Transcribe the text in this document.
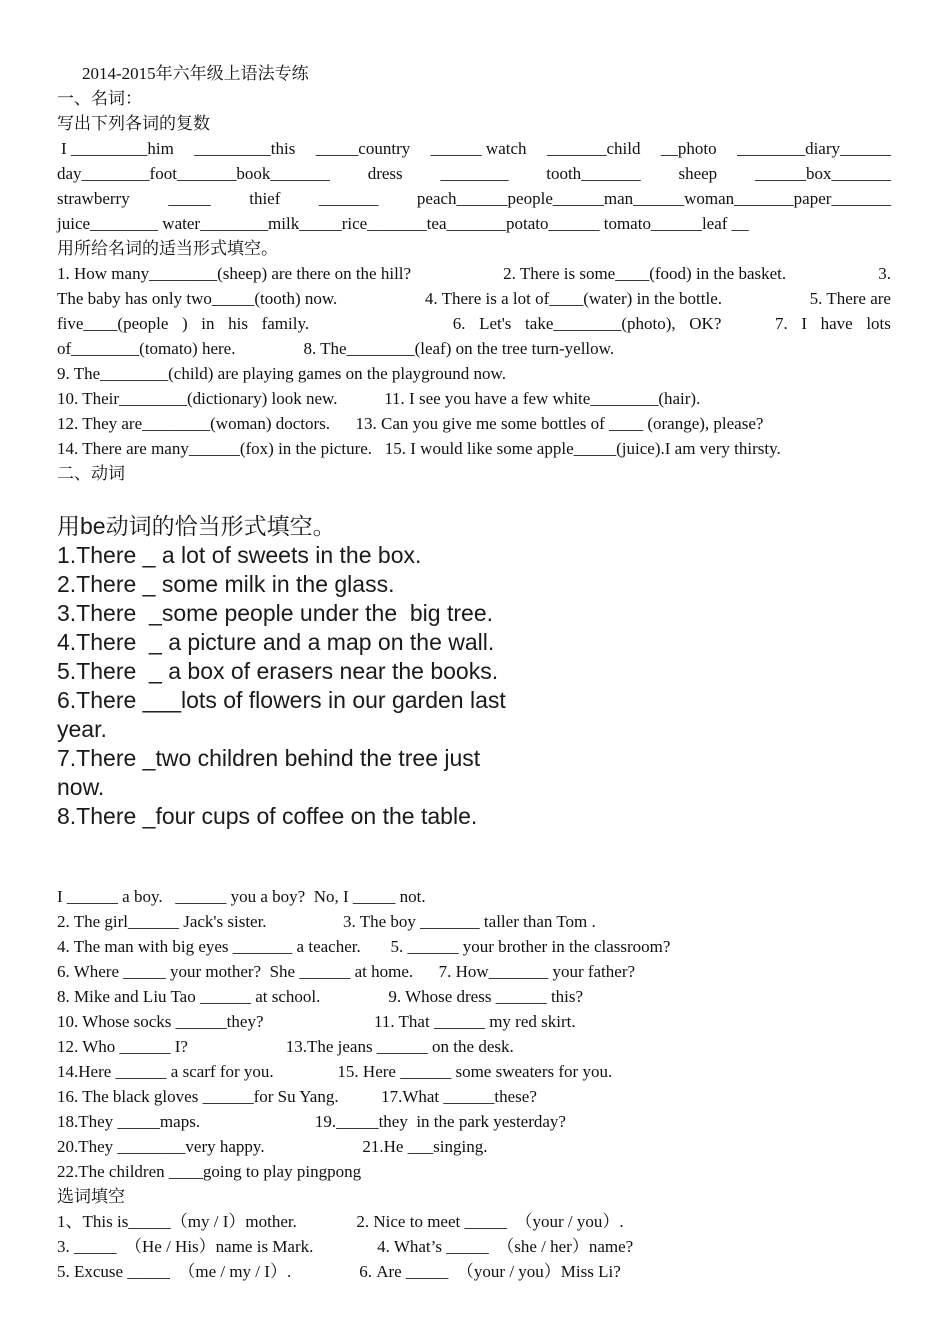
2014-2015年六年级上语法专练
一、名词：
写出下列各词的复数
I _________him _________this _____country ______ watch _______child __photo ________diary______
day________foot_______book_______ dress ________ tooth_______ sheep ______box_______
strawberry _____ thief _______ peach______people______man______woman_______paper_______
juice________ water________milk_____rice_______tea_______potato______ tomato______leaf __
用所给名词的适当形式填空。
1. How many________(sheep) are there on the hill?	2. There is some____(food) in the basket.	3.
The baby has only two_____(tooth) now.	4. There is a lot of____(water) in the bottle.	5. There are
five____(people ) in his family.	6. Let's take________(photo), OK?	7. I have lots
of________(tomato) here.	8. The________(leaf) on the tree turn-yellow.
9. The________(child) are playing games on the playground now.
10. Their________(dictionary) look new.           11. I see you have a few white________(hair).
12. They are________(woman) doctors.      13. Can you give me some bottles of ____ (orange), please?
14. There are many______(fox) in the picture.   15. I would like some apple_____(juice).I am very thirsty.
二、动词
用be动词的恰当形式填空。
1.There _ a lot of sweets in the box.
2.There _ some milk in the glass.
3.There  _some people under the  big tree.
4.There  _ a picture and a map on the wall.
5.There  _ a box of erasers near the books.
6.There ___lots of flowers in our garden last
year.
7.There _two children behind the tree just
now.
8.There _four cups of coffee on the table.
I ______ a boy.   ______ you a boy?  No, I _____ not.
2. The girl______ Jack's sister.                  3. The boy _______ taller than Tom .
4. The man with big eyes _______ a teacher.       5. ______ your brother in the classroom?
6. Where _____ your mother?  She ______ at home.      7. How_______ your father?
8. Mike and Liu Tao ______ at school.                9. Whose dress ______ this?
10. Whose socks ______they?                          11. That ______ my red skirt.
12. Who ______ I?                       13.The jeans ______ on the desk.
14.Here ______ a scarf for you.               15. Here ______ some sweaters for you.
16. The black gloves ______for Su Yang.          17.What ______these?
18.They _____maps.                           19._____they  in the park yesterday?
20.They ________very happy.                       21.He ___singing.
22.The children ____going to play pingpong
选词填空
1、This is_____（my / I）mother.              2. Nice to meet _____  （your / you）.
3. _____  （He / His）name is Mark.               4. What’s _____  （she / her）name?
5. Excuse _____  （me / my / I）.                6. Are _____  （your / you）Miss Li?
